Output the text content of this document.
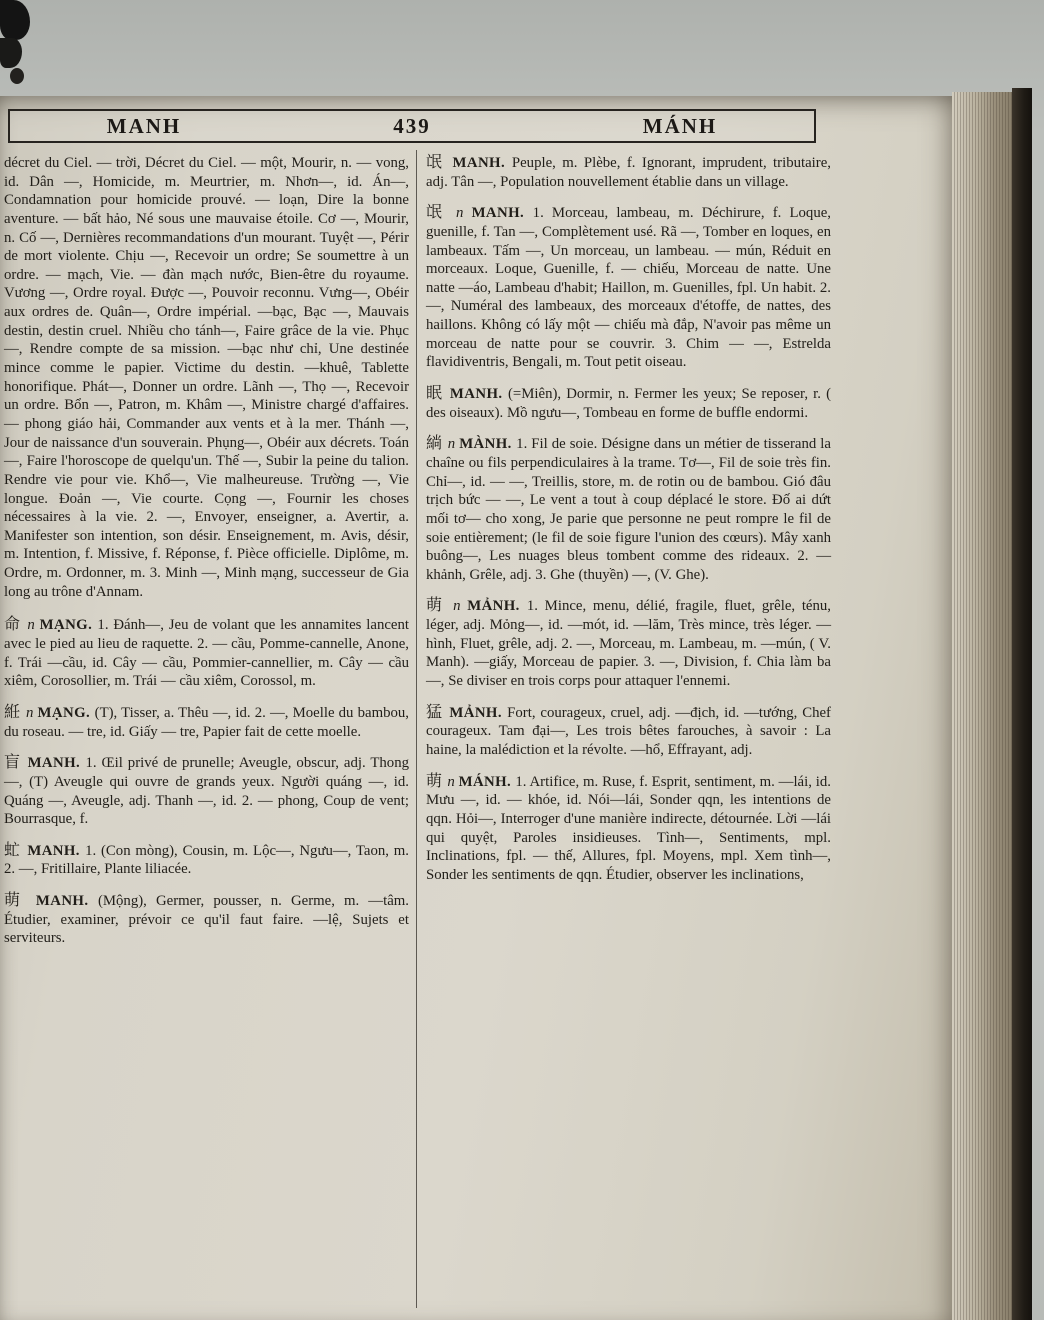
MANH	439	MÁNH

décret du Ciel. — trời, Décret du Ciel. — một, Mourir, n. — vong, id. Dân —, Homicide, m. Meurtrier, m. Nhơn—, id. Án—, Condamnation pour homicide prouvé. — loạn, Dire la bonne aventure. — bất hảo, Né sous une mauvaise étoile. Cơ —, Mourir, n. Cố —, Dernières recommandations d'un mourant. Tuyệt —, Périr de mort violente. Chịu —, Recevoir un ordre; Se soumettre à un ordre. — mạch, Vie. — đàn mạch nước, Bien-être du royaume. Vương —, Ordre royal. Được —, Pouvoir reconnu. Vưng—, Obéir aux ordres de. Quân—, Ordre impérial. —bạc, Bạc —, Mauvais destin, destin cruel. Nhiều cho tánh—, Faire grâce de la vie. Phục—, Rendre compte de sa mission. —bạc như chỉ, Une destinée mince comme le papier. Victime du destin. —khuê, Tablette honorifique. Phát—, Donner un ordre. Lãnh —, Thọ —, Recevoir un ordre. Bổn —, Patron, m. Khâm —, Ministre chargé d'affaires. — phong giáo hải, Commander aux vents et à la mer. Thánh —, Jour de naissance d'un souverain. Phụng—, Obéir aux décrets. Toán —, Faire l'horoscope de quelqu'un. Thế —, Subir la peine du talion. Rendre vie pour vie. Khổ—, Vie malheureuse. Trường —, Vie longue. Đoản —, Vie courte. Cọng —, Fournir les choses nécessaires à la vie. 2. —, Envoyer, enseigner, a. Avertir, a. Manifester son intention, son désir. Enseignement, m. Avis, désir, m. Intention, f. Missive, f. Réponse, f. Pièce officielle. Diplôme, m. Ordre, m. Ordonner, m. 3. Minh —, Minh mạng, successeur de Gia long au trône d'Annam.

命 n MẠNG. 1. Đánh—, Jeu de volant que les annamites lancent avec le pied au lieu de raquette. 2. — cầu, Pomme-cannelle, Anone, f. Trái —cầu, id. Cây — cầu, Pommier-cannellier, m. Cây — cầu xiêm, Corosollier, m. Trái — cầu xiêm, Corossol, m.

絍 n MẠNG. (T), Tisser, a. Thêu —, id. 2. —, Moelle du bambou, du roseau. — tre, id. Giấy — tre, Papier fait de cette moelle.

盲 MANH. 1. Œil privé de prunelle; Aveugle, obscur, adj. Thong —, (T) Aveugle qui ouvre de grands yeux. Người quáng —, id. Quáng —, Aveugle, adj. Thanh —, id. 2. — phong, Coup de vent; Bourrasque, f.

虻 MANH. 1. (Con mòng), Cousin, m. Lộc—, Ngưu—, Taon, m. 2. —, Fritillaire, Plante liliacée.

萌 MANH. (Mộng), Germer, pousser, n. Germe, m. —tâm. Étudier, examiner, prévoir ce qu'il faut faire. —lệ, Sujets et serviteurs.

氓 MANH. Peuple, m. Plèbe, f. Ignorant, imprudent, tributaire, adj. Tân —, Population nouvellement établie dans un village.

氓 n MANH. 1. Morceau, lambeau, m. Déchirure, f. Loque, guenille, f. Tan —, Complètement usé. Rã —, Tomber en loques, en lambeaux. Tấm —, Un morceau, un lambeau. — mún, Réduit en morceaux. Loque, Guenille, f. — chiếu, Morceau de natte. Une natte —áo, Lambeau d'habit; Haillon, m. Guenilles, fpl. Un habit. 2. —, Numéral des lambeaux, des morceaux d'étoffe, de nattes, des haillons. Không có lấy một — chiếu mà đắp, N'avoir pas même un morceau de natte pour se couvrir. 3. Chim — —, Estrelda flavidiventris, Bengali, m. Tout petit oiseau.

眠 MANH. (=Miên), Dormir, n. Fermer les yeux; Se reposer, r. ( des oiseaux). Mồ ngưu—, Tombeau en forme de buffle endormi.

緔 n MÀNH. 1. Fil de soie. Désigne dans un métier de tisserand la chaîne ou fils perpendiculaires à la trame. Tơ—, Fil de soie très fin. Chỉ—, id. — —, Treillis, store, m. de rotin ou de bambou. Gió đâu trịch bức — —, Le vent a tout à coup déplacé le store. Đố ai dứt mối tơ— cho xong, Je parie que personne ne peut rompre le fil de soie entièrement; (le fil de soie figure l'union des cœurs). Mây xanh buông—, Les nuages bleus tombent comme des rideaux. 2. — khảnh, Grêle, adj. 3. Ghe (thuyền) —, (V. Ghe).

萌 n MẢNH. 1. Mince, menu, délié, fragile, fluet, grêle, ténu, léger, adj. Mỏng—, id. —mót, id. —lăm, Très mince, très léger. —hình, Fluet, grêle, adj. 2. —, Morceau, m. Lambeau, m. —mún, ( V. Manh). —giấy, Morceau de papier. 3. —, Division, f. Chia làm ba—, Se diviser en trois corps pour attaquer l'ennemi.

猛 MẢNH. Fort, courageux, cruel, adj. —địch, id. —tướng, Chef courageux. Tam đại—, Les trois bêtes farouches, à savoir : La haine, la malédiction et la révolte. —hổ, Effrayant, adj.

萌 n MÁNH. 1. Artifice, m. Ruse, f. Esprit, sentiment, m. —lái, id. Mưu —, id. — khóe, id. Nói—lái, Sonder qqn, les intentions de qqn. Hỏi—, Interroger d'une manière indirecte, détournée. Lời —lái qui quyệt, Paroles insidieuses. Tình—, Sentiments, mpl. Inclinations, fpl. — thế, Allures, fpl. Moyens, mpl. Xem tình—, Sonder les sentiments de qqn. Étudier, observer les inclinations,
